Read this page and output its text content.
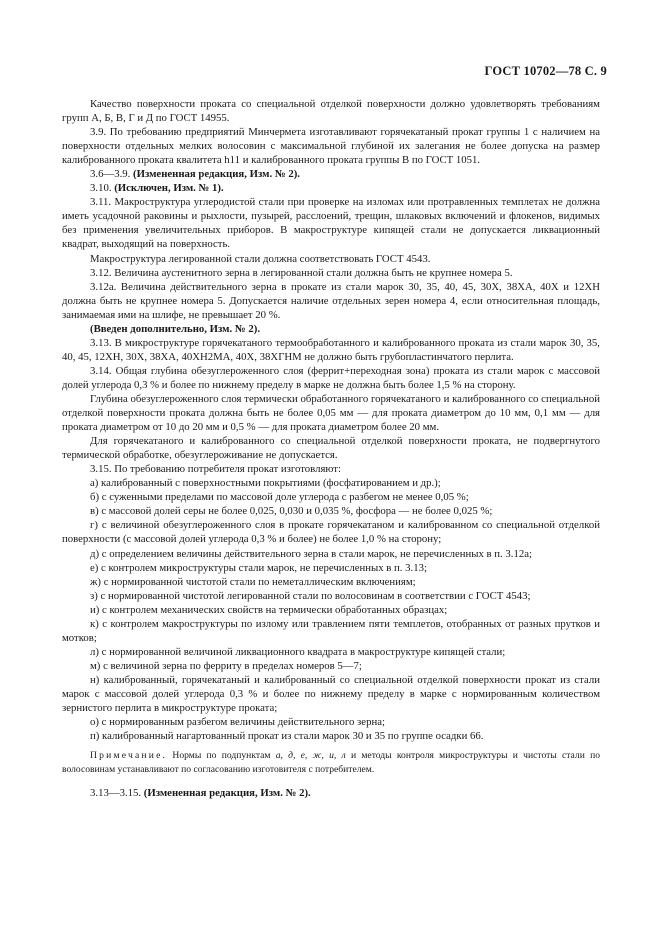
ГОСТ 10702—78 С. 9

Качество поверхности проката со специальной отделкой поверхности должно удовлетворять требованиям групп А, Б, В, Г и Д по ГОСТ 14955.

3.9. По требованию предприятий Минчермета изготавливают горячекатаный прокат группы 1 с наличием на поверхности отдельных мелких волосовин с максимальной глубиной их залегания не более допуска на размер калиброванного проката квалитета h11 и калиброванного проката группы В по ГОСТ 1051.

3.6—3.9. (Измененная редакция, Изм. № 2).

3.10. (Исключен, Изм. № 1).

3.11. Макроструктура углеродистой стали при проверке на изломах или протравленных темплетах не должна иметь усадочной раковины и рыхлости, пузырей, расслоений, трещин, шлаковых включений и флокенов, видимых без применения увеличительных приборов. В макроструктуре кипящей стали не допускается ликвационный квадрат, выходящий на поверхность.

Макроструктура легированной стали должна соответствовать ГОСТ 4543.

3.12. Величина аустенитного зерна в легированной стали должна быть не крупнее номера 5.

3.12а. Величина действительного зерна в прокате из стали марок 30, 35, 40, 45, 30Х, 38ХА, 40Х и 12ХН должна быть не крупнее номера 5. Допускается наличие отдельных зерен номера 4, если относительная площадь, занимаемая ими на шлифе, не превышает 20 %.

(Введен дополнительно, Изм. № 2).

3.13. В микроструктуре горячекатаного термообработанного и калиброванного проката из стали марок 30, 35, 40, 45, 12ХН, 30Х, 38ХА, 40ХН2МА, 40Х, 38ХГНМ не должно быть грубопластинчатого перлита.

3.14. Общая глубина обезуглероженного слоя (феррит+переходная зона) проката из стали марок с массовой долей углерода 0,3 % и более по нижнему пределу в марке не должна быть более 1,5 % на сторону.

Глубина обезуглероженного слоя термически обработанного горячекатаного и калиброванного со специальной отделкой поверхности проката должна быть не более 0,05 мм — для проката диаметром до 10 мм, 0,1 мм — для проката диаметром от 10 до 20 мм и 0,5 % — для проката диаметром более 20 мм.

Для горячекатаного и калиброванного со специальной отделкой поверхности проката, не подвергнутого термической обработке, обезуглероживание не допускается.

3.15. По требованию потребителя прокат изготовляют:

а) калиброванный с поверхностными покрытиями (фосфатированием и др.);

б) с суженными пределами по массовой доле углерода с разбегом не менее 0,05 %;

в) с массовой долей серы не более 0,025, 0,030 и 0,035 %, фосфора — не более 0,025 %;

г) с величиной обезуглероженного слоя в прокате горячекатаном и калиброванном со специальной отделкой поверхности (с массовой долей углерода 0,3 % и более) не более 1,0 % на сторону;

д) с определением величины действительного зерна в стали марок, не перечисленных в п. 3.12а;

е) с контролем микроструктуры стали марок, не перечисленных в п. 3.13;

ж) с нормированной чистотой стали по неметаллическим включениям;

з) с нормированной чистотой легированной стали по волосовинам в соответствии с ГОСТ 4543;

и) с контролем механических свойств на термически обработанных образцах;

к) с контролем макроструктуры по излому или травлением пяти темплетов, отобранных от разных прутков и мотков;

л) с нормированной величиной ликвационного квадрата в макроструктуре кипящей стали;

м) с величиной зерна по ферриту в пределах номеров 5—7;

н) калиброванный, горячекатаный и калиброванный со специальной отделкой поверхности прокат из стали марок с массовой долей углерода 0,3 % и более по нижнему пределу в марке с нормированным количеством зернистого перлита в микроструктуре проката;

о) с нормированным разбегом величины действительного зерна;

п) калиброванный нагартованный прокат из стали марок 30 и 35 по группе осадки 66.

Примечание. Нормы по подпунктам а, д, е, ж, и, л и методы контроля микроструктуры и чистоты стали по волосовинам устанавливают по согласованию изготовителя с потребителем.

3.13—3.15. (Измененная редакция, Изм. № 2).
